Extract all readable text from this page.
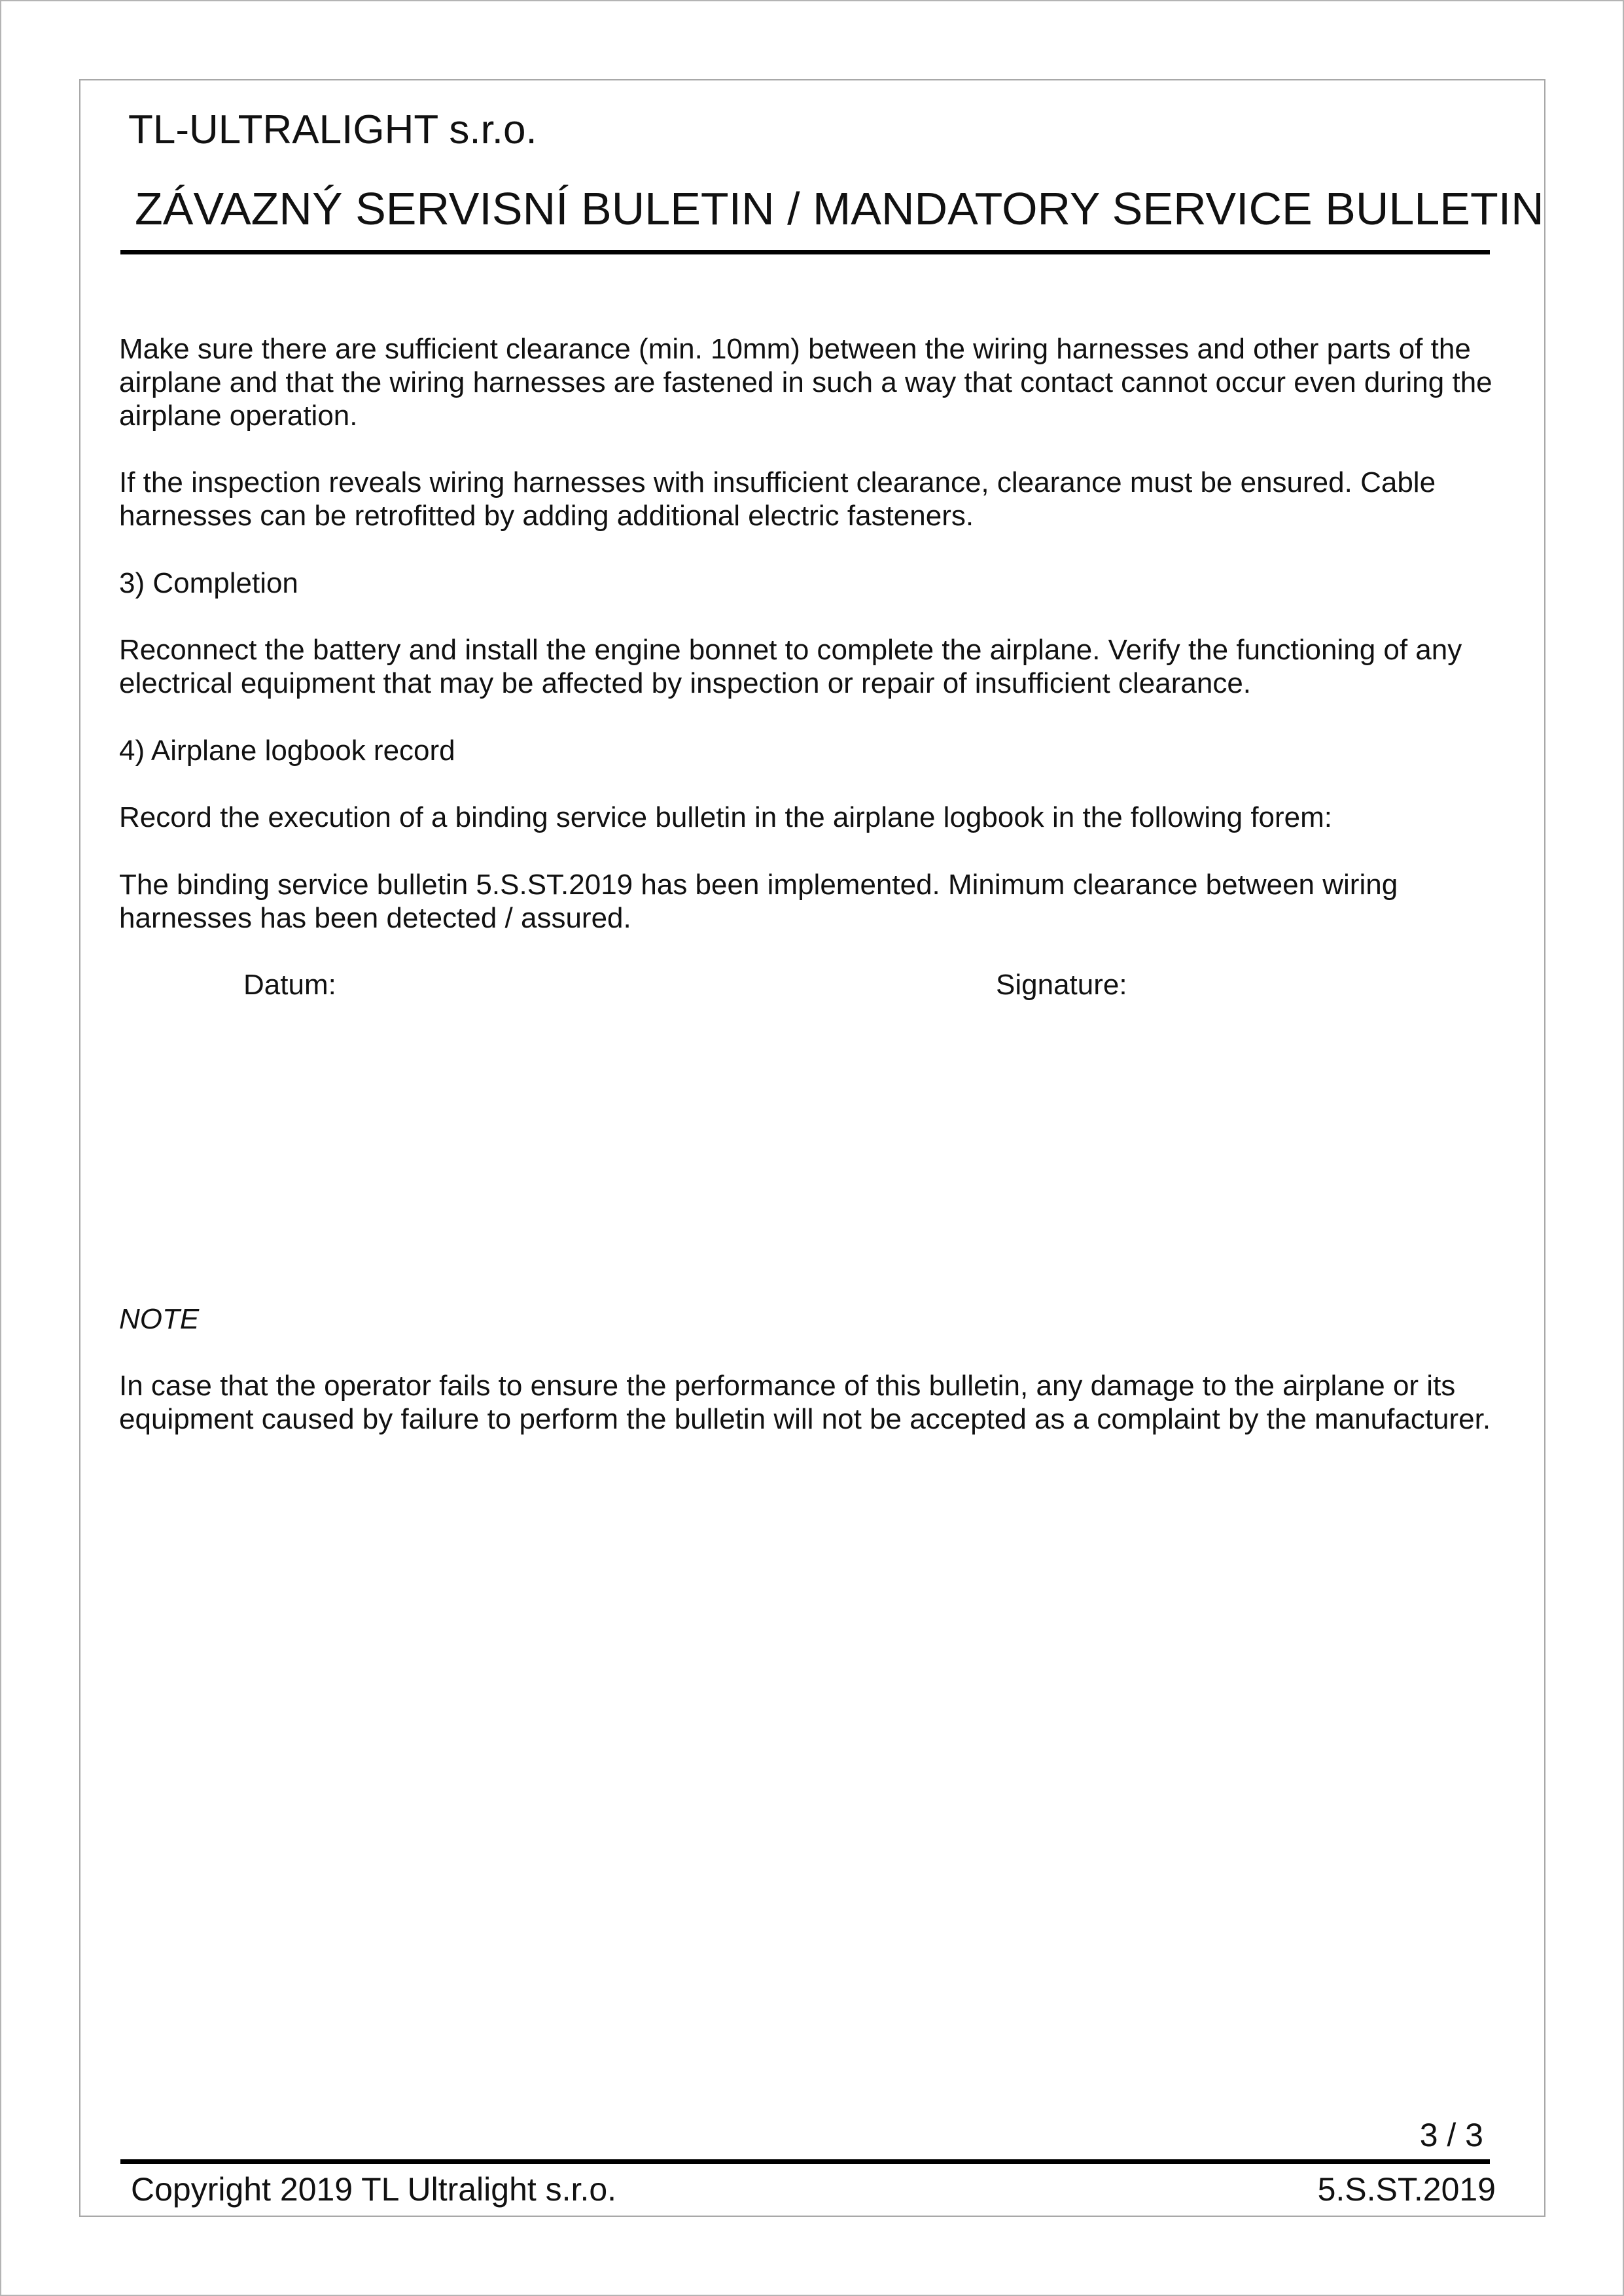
TL-ULTRALIGHT s.r.o.
ZÁVAZNÝ SERVISNÍ BULETIN / MANDATORY SERVICE BULLETIN

Make sure there are sufficient clearance (min. 10mm) between the wiring harnesses and other parts of the airplane and that the wiring harnesses are fastened in such a way that contact cannot occur even during the airplane operation.

If the inspection reveals wiring harnesses with insufficient clearance, clearance must be ensured. Cable harnesses can be retrofitted by adding additional electric fasteners.

3) Completion

Reconnect the battery and install the engine bonnet to complete the airplane. Verify the functioning of any electrical equipment that may be affected by inspection or repair of insufficient clearance.

4) Airplane logbook record

Record the execution of a binding service bulletin in the airplane logbook in the following forem:

The binding service bulletin 5.S.ST.2019 has been implemented. Minimum clearance between wiring harnesses has been detected / assured.

Datum:	Signature:

NOTE

In case that the operator fails to ensure the performance of this bulletin, any damage to the airplane or its equipment caused by failure to perform the bulletin will not be accepted as a complaint by the manufacturer.

3 / 3
Copyright 2019 TL Ultralight s.r.o.	5.S.ST.2019
